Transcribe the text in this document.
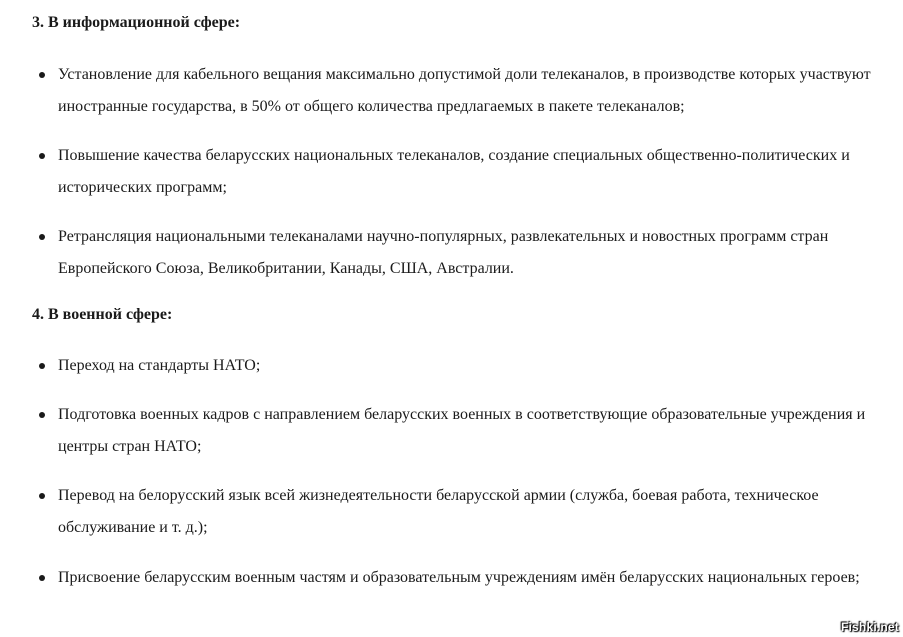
3. В информационной сфере:
Установление для кабельного вещания максимально допустимой доли телеканалов, в производстве которых участвуют иностранные государства, в 50% от общего количества предлагаемых в пакете телеканалов;
Повышение качества беларусских национальных телеканалов, создание специальных общественно-политических и исторических программ;
Ретрансляция национальными телеканалами научно-популярных, развлекательных и новостных программ стран Европейского Союза, Великобритании, Канады, США, Австралии.
4. В военной сфере:
Переход на стандарты НАТО;
Подготовка военных кадров с направлением беларусских военных в соответствующие образовательные учреждения и центры стран НАТО;
Перевод на белорусский язык всей жизнедеятельности беларусской армии (служба, боевая работа, техническое обслуживание и т. д.);
Присвоение беларусским военным частям и образовательным учреждениям имён беларусских национальных героев;
Fishki.net
